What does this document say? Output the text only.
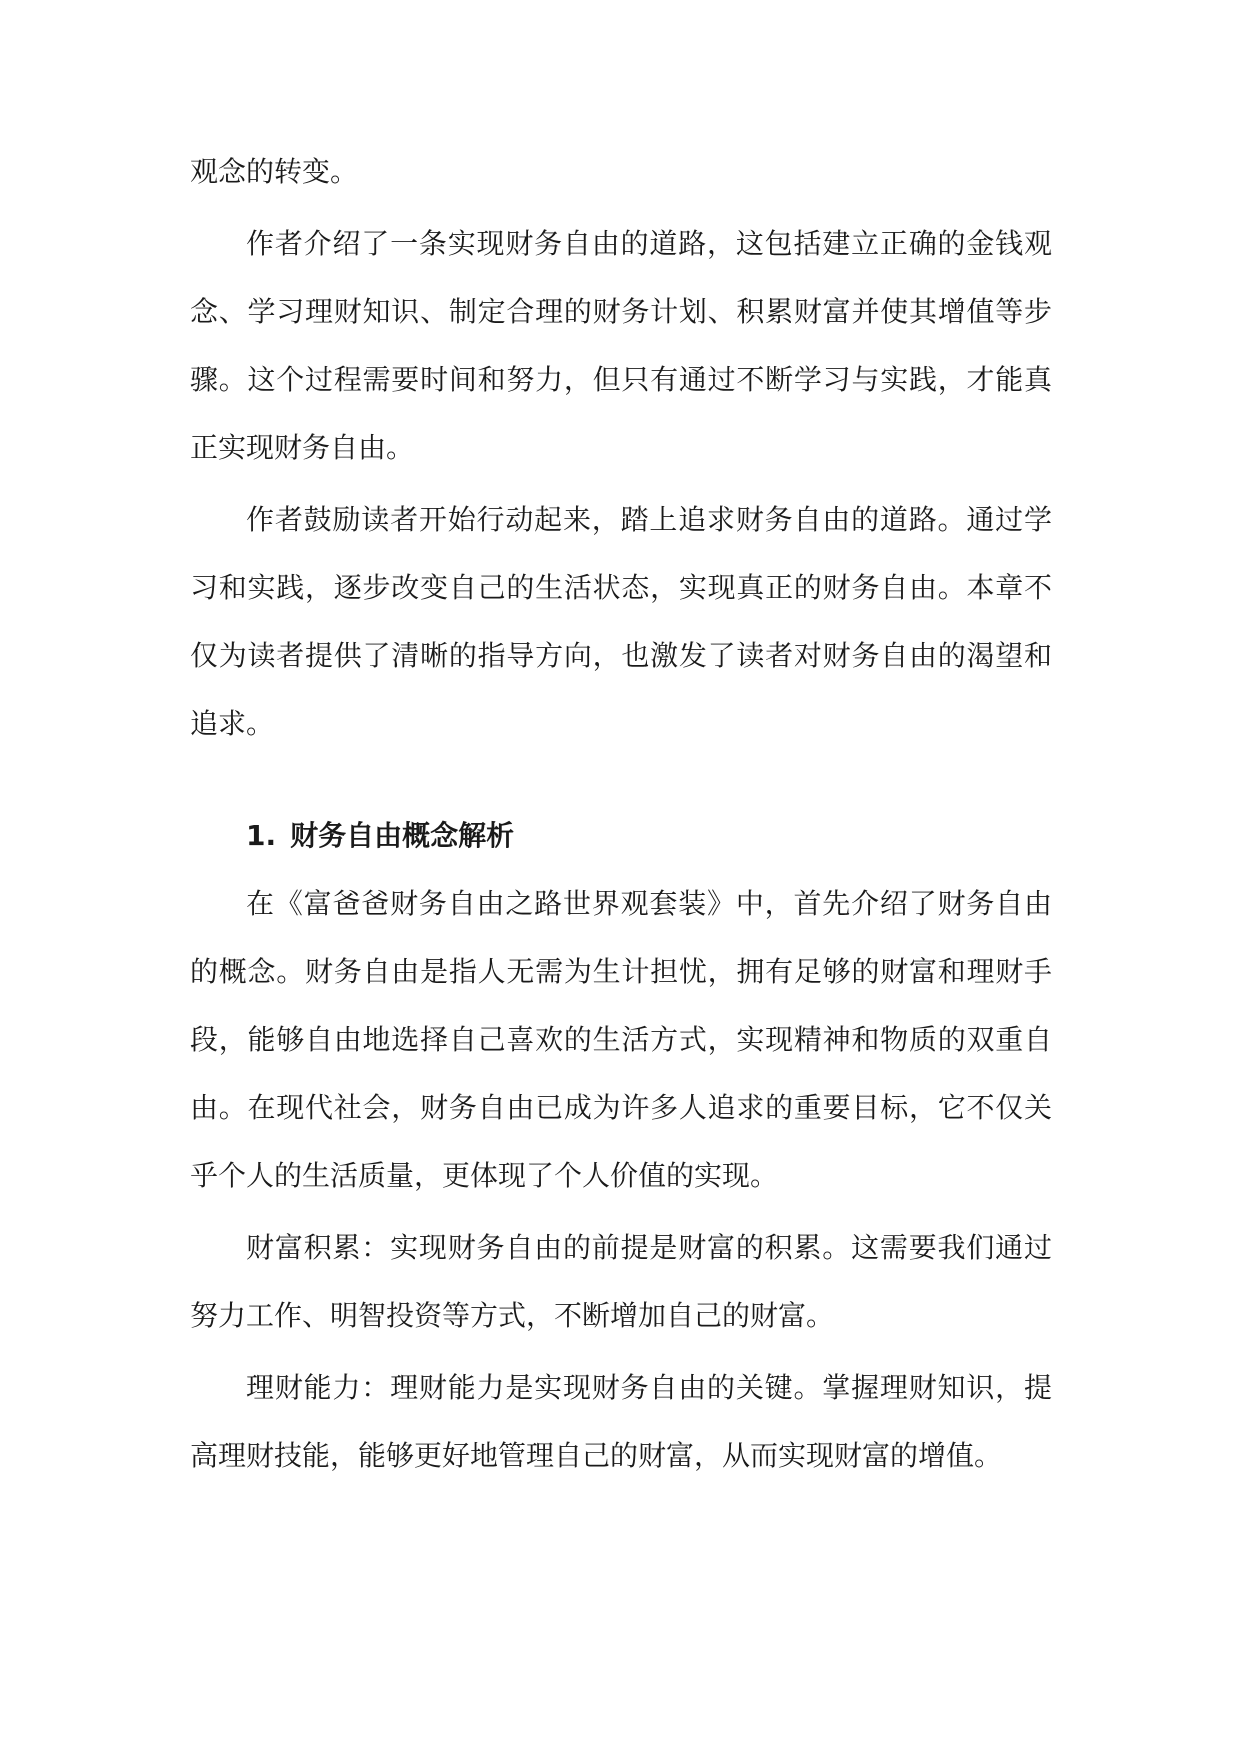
观念的转变。

作者介绍了一条实现财务自由的道路，这包括建立正确的金钱观念、学习理财知识、制定合理的财务计划、积累财富并使其增值等步骤。这个过程需要时间和努力，但只有通过不断学习与实践，才能真正实现财务自由。

作者鼓励读者开始行动起来，踏上追求财务自由的道路。通过学习和实践，逐步改变自己的生活状态，实现真正的财务自由。本章不仅为读者提供了清晰的指导方向，也激发了读者对财务自由的渴望和追求。

1. 财务自由概念解析

在《富爸爸财务自由之路世界观套装》中，首先介绍了财务自由的概念。财务自由是指人无需为生计担忧，拥有足够的财富和理财手段，能够自由地选择自己喜欢的生活方式，实现精神和物质的双重自由。在现代社会，财务自由已成为许多人追求的重要目标，它不仅关乎个人的生活质量，更体现了个人价值的实现。

财富积累：实现财务自由的前提是财富的积累。这需要我们通过努力工作、明智投资等方式，不断增加自己的财富。

理财能力：理财能力是实现财务自由的关键。掌握理财知识，提高理财技能，能够更好地管理自己的财富，从而实现财富的增值。
